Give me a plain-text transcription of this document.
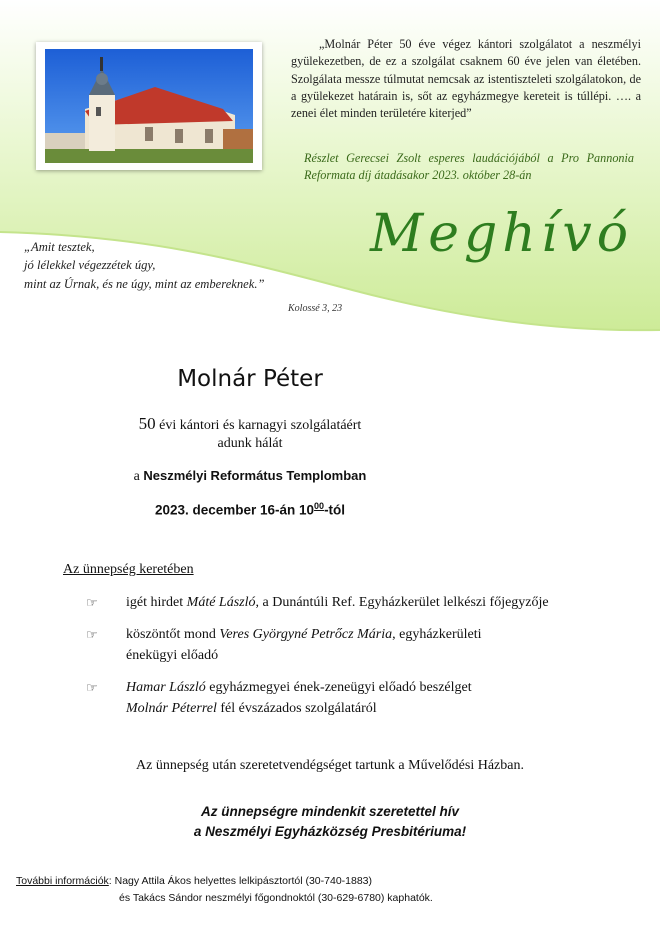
„Molnár Péter 50 éve végez kántori szolgálatot a neszmélyi gyülekezetben, de ez a szolgálat csaknem 60 éve jelen van életében. Szolgálata messze túlmutat nemcsak az istentiszteleti szolgálatokon, de a gyülekezet határain is, sőt az egyházmegye kereteit is túllépi. …. a zenei élet minden területére kiterjed”

Részlet Gerecsei Zsolt esperes laudációjából a Pro Pannonia Reformata díj átadásakor 2023. október 28-án
Meghívó
„Amit tesztek,
jó lélekkel végezzétek úgy,
mint az Úrnak, és ne úgy, mint az embereknek.”
Kolossé 3, 23
Molnár Péter
50 évi kántori és karnagyi szolgálatáért
adunk hálát
a Neszmélyi Református Templomban
2023. december 16-án $10^{00}$-tól
Az ünnepség keretében
☞ igét hirdet Máté László, a Dunántúli Ref. Egyházkerület lelkészi főjegyzője
☞ köszöntőt mond Veres Györgyné Petrőcz Mária, egyházkerületi
énekügyi előadó
☞ Hamar László egyházmegyei ének-zeneügyi előadó beszélget
Molnár Péterrel fél évszázados szolgálatáról
Az ünnepség után szeretetvendégséget tartunk a Művelődési Házban.
Az ünnepségre mindenkit szeretettel hív
a Neszmélyi Egyházközség Presbitériuma!
További információk: Nagy Attila Ákos helyettes lelkipásztortól (30-740-1883)
és Takács Sándor neszmélyi főgondnoktól (30-629-6780) kaphatók.
